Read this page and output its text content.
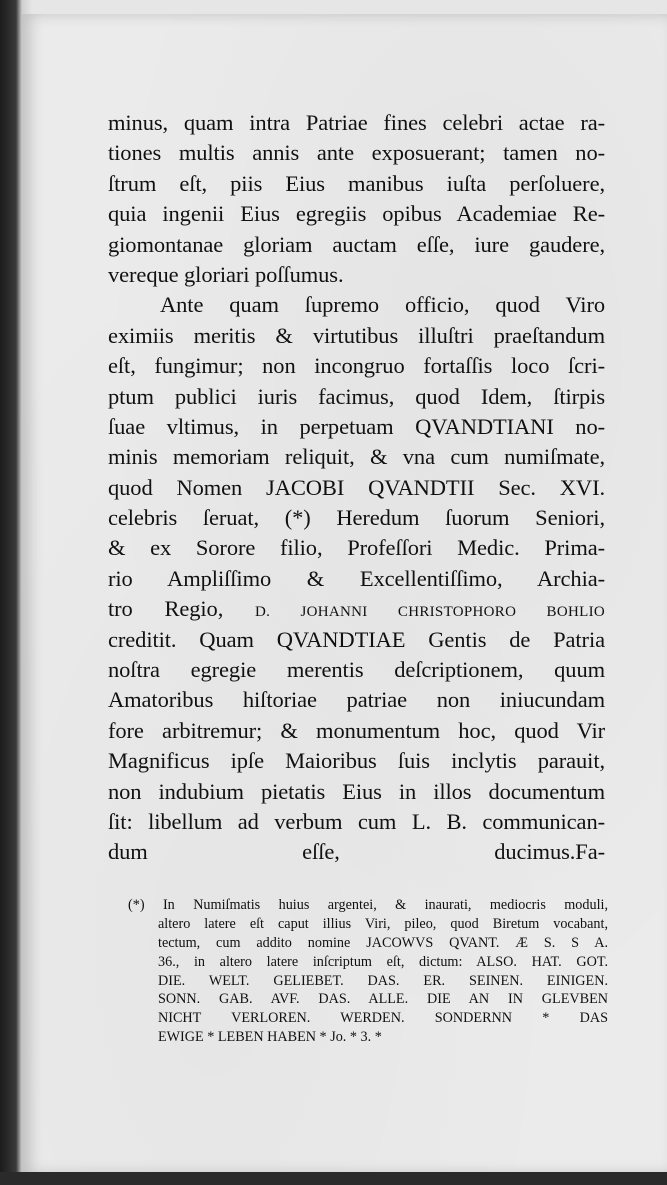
minus, quam intra Patriae fines celebri actae ra-
tiones multis annis ante exposuerant; tamen no-
ſtrum eſt, piis Eius manibus iuſta perſoluere,
quia ingenii Eius egregiis opibus Academiae Re-
giomontanae gloriam auctam eſſe, iure gaudere,
vereque gloriari poſſumus.
Ante quam ſupremo officio, quod Viro
eximiis meritis & virtutibus illuſtri praeſtandum
eſt, fungimur; non incongruo fortaſſis loco ſcri-
ptum publici iuris facimus, quod Idem, ſtirpis
ſuae vltimus, in perpetuam QVANDTIANI no-
minis memoriam reliquit, & vna cum numiſmate,
quod Nomen JACOBI QVANDTII Sec. XVI.
celebris ſeruat, (*) Heredum ſuorum Seniori,
& ex Sorore filio, Profeſſori Medic. Prima-
rio Ampliſſimo & Excellentiſſimo, Archia-
tro Regio, D. JOHANNI CHRISTOPHORO BOHLIO
creditit. Quam QVANDTIAE Gentis de Patria
noſtra egregie merentis deſcriptionem, quum
Amatoribus hiſtoriae patriae non iniucundam
fore arbitremur; & monumentum hoc, quod Vir
Magnificus ipſe Maioribus ſuis inclytis parauit,
non indubium pietatis Eius in illos documentum
ſit: libellum ad verbum cum L. B. communican-
dum eſſe, ducimus. Fa-
(*) In Numiſmatis huius argentei, & inaurati, mediocris moduli,
altero latere eſt caput illius Viri, pileo, quod Biretum vocabant,
tectum, cum addito nomine JACOWVS QVANT. Æ S. S A.
36., in altero latere inſcriptum eſt, dictum: ALSO. HAT. GOT.
DIE. WELT. GELIEBET. DAS. ER. SEINEN. EINIGEN.
SONN. GAB. AVF. DAS. ALLE. DIE AN IN GLEVBEN
NICHT VERLOREN. WERDEN. SONDERNN * DAS
EWIGE * LEBEN HABEN * Jo. * 3. *
